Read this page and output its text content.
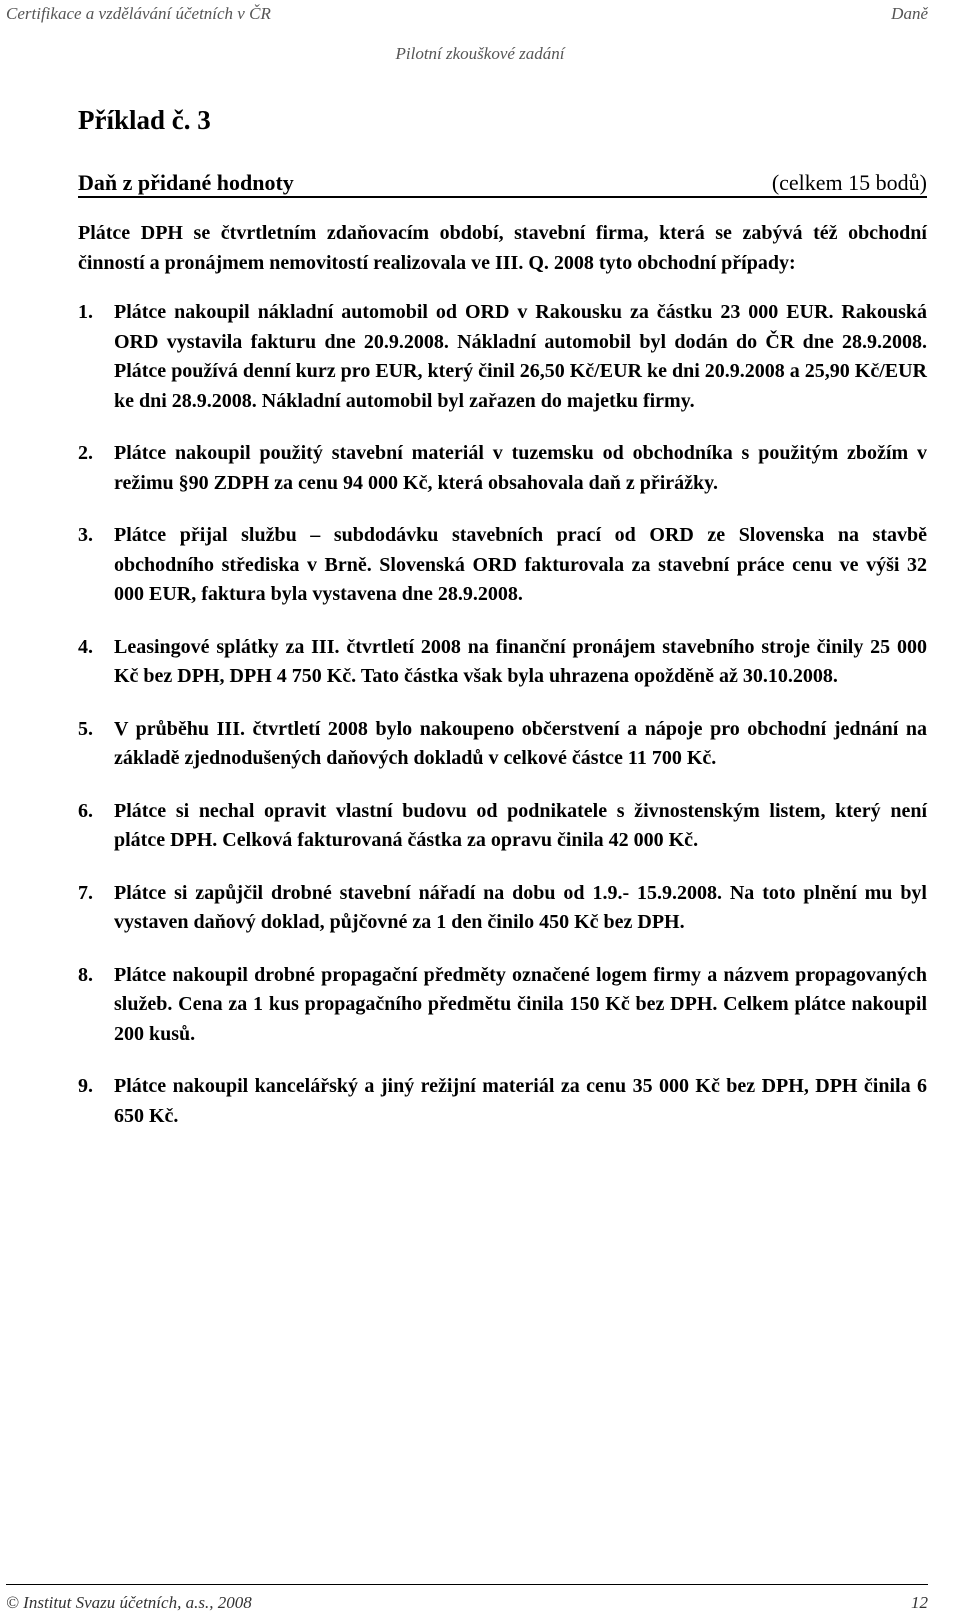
Certifikace a vzdělávání účetních v ČR	Daně
Pilotní zkouškové zadání
Příklad č. 3
Daň z přidané hodnoty	(celkem 15 bodů)

Plátce DPH se čtvrtletním zdaňovacím období, stavební firma, která se zabývá též obchodní činností a pronájmem nemovitostí realizovala ve III. Q. 2008 tyto obchodní případy:

1. Plátce nakoupil nákladní automobil od ORD v Rakousku za částku 23 000 EUR. Rakouská ORD vystavila fakturu dne 20.9.2008. Nákladní automobil byl dodán do ČR dne 28.9.2008. Plátce používá denní kurz pro EUR, který činil 26,50 Kč/EUR ke dni 20.9.2008 a 25,90 Kč/EUR ke dni 28.9.2008. Nákladní automobil byl zařazen do majetku firmy.
2. Plátce nakoupil použitý stavební materiál v tuzemsku od obchodníka s použitým zbožím v režimu §90 ZDPH za cenu 94 000 Kč, která obsahovala daň z přirážky.
3. Plátce přijal službu – subdodávku stavebních prací od ORD ze Slovenska na stavbě obchodního střediska v Brně. Slovenská ORD fakturovala za stavební práce cenu ve výši 32 000 EUR, faktura byla vystavena dne 28.9.2008.
4. Leasingové splátky za III. čtvrtletí 2008 na finanční pronájem stavebního stroje činily 25 000 Kč bez DPH, DPH 4 750 Kč. Tato částka však byla uhrazena opožděně až 30.10.2008.
5. V průběhu III. čtvrtletí 2008 bylo nakoupeno občerstvení a nápoje pro obchodní jednání na základě zjednodušených daňových dokladů v celkové částce 11 700 Kč.
6. Plátce si nechal opravit vlastní budovu od podnikatele s živnostenským listem, který není plátce DPH. Celková fakturovaná částka za opravu činila 42 000 Kč.
7. Plátce si zapůjčil drobné stavební nářadí na dobu od 1.9.- 15.9.2008. Na toto plnění mu byl vystaven daňový doklad, půjčovné za 1 den činilo 450 Kč bez DPH.
8. Plátce nakoupil drobné propagační předměty označené logem firmy a názvem propagovaných služeb. Cena za 1 kus propagačního předmětu činila 150 Kč bez DPH. Celkem plátce nakoupil 200 kusů.
9. Plátce nakoupil kancelářský a jiný režijní materiál za cenu 35 000 Kč bez DPH, DPH činila 6 650 Kč.
© Institut Svazu účetních, a.s., 2008	12
